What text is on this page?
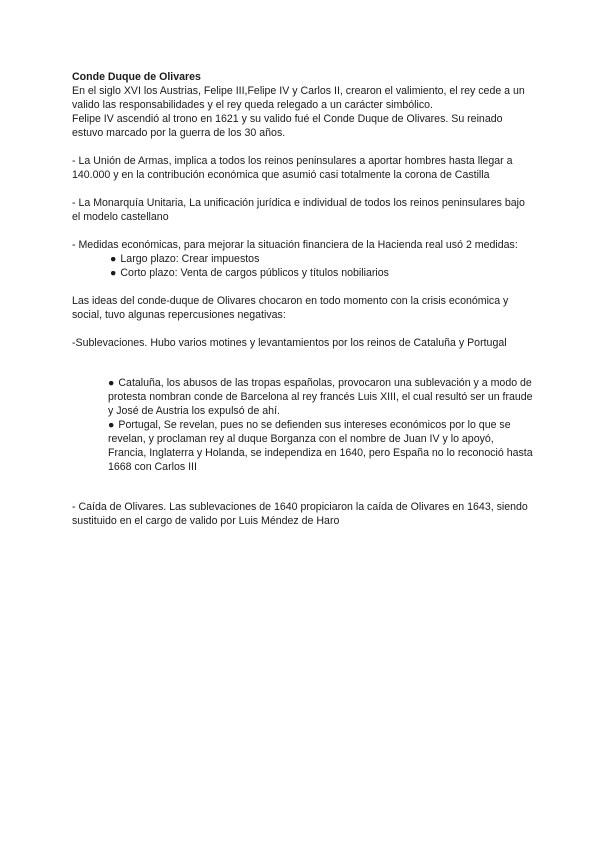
Conde Duque de Olivares

En el siglo XVI los Austrias, Felipe III,Felipe IV y Carlos II, crearon el valimiento, el rey cede a un valido las responsabilidades y el rey queda relegado a un carácter simbólico.

Felipe IV ascendió al trono en 1621 y su valido fué el Conde Duque de Olivares. Su reinado estuvo marcado por la guerra de los 30 años.

- La Unión de Armas, implica a todos los reinos peninsulares a aportar hombres hasta llegar a 140.000 y en la contribución económica que asumió casi totalmente la corona de Castilla

- La Monarquía Unitaria, La unificación jurídica e individual de todos los reinos peninsulares bajo el modelo castellano

- Medidas económicas, para mejorar la situación financiera de la Hacienda real usó 2 medidas:

● Largo plazo: Crear impuestos
● Corto plazo: Venta de cargos públicos y títulos nobiliarios

Las ideas del conde-duque de Olivares chocaron en todo momento con la crisis económica y social, tuvo algunas repercusiones negativas:

-Sublevaciones. Hubo varios motines y levantamientos por los reinos de Cataluña y Portugal

● Cataluña, los abusos de las tropas españolas, provocaron una sublevación y a modo de protesta nombran conde de Barcelona al rey francés Luis XIII, el cual resultó ser un fraude y José de Austria los expulsó de ahí.
● Portugal, Se revelan, pues no se defienden sus intereses económicos por lo que se revelan, y proclaman rey al duque Borganza con el nombre de Juan IV y lo apoyó, Francia, Inglaterra y Holanda, se independiza en 1640, pero España no lo reconoció hasta 1668 con Carlos III

- Caída de Olivares. Las sublevaciones de 1640 propiciaron la caída de Olivares en 1643, siendo sustituido en el cargo de valido por Luis Méndez de Haro
